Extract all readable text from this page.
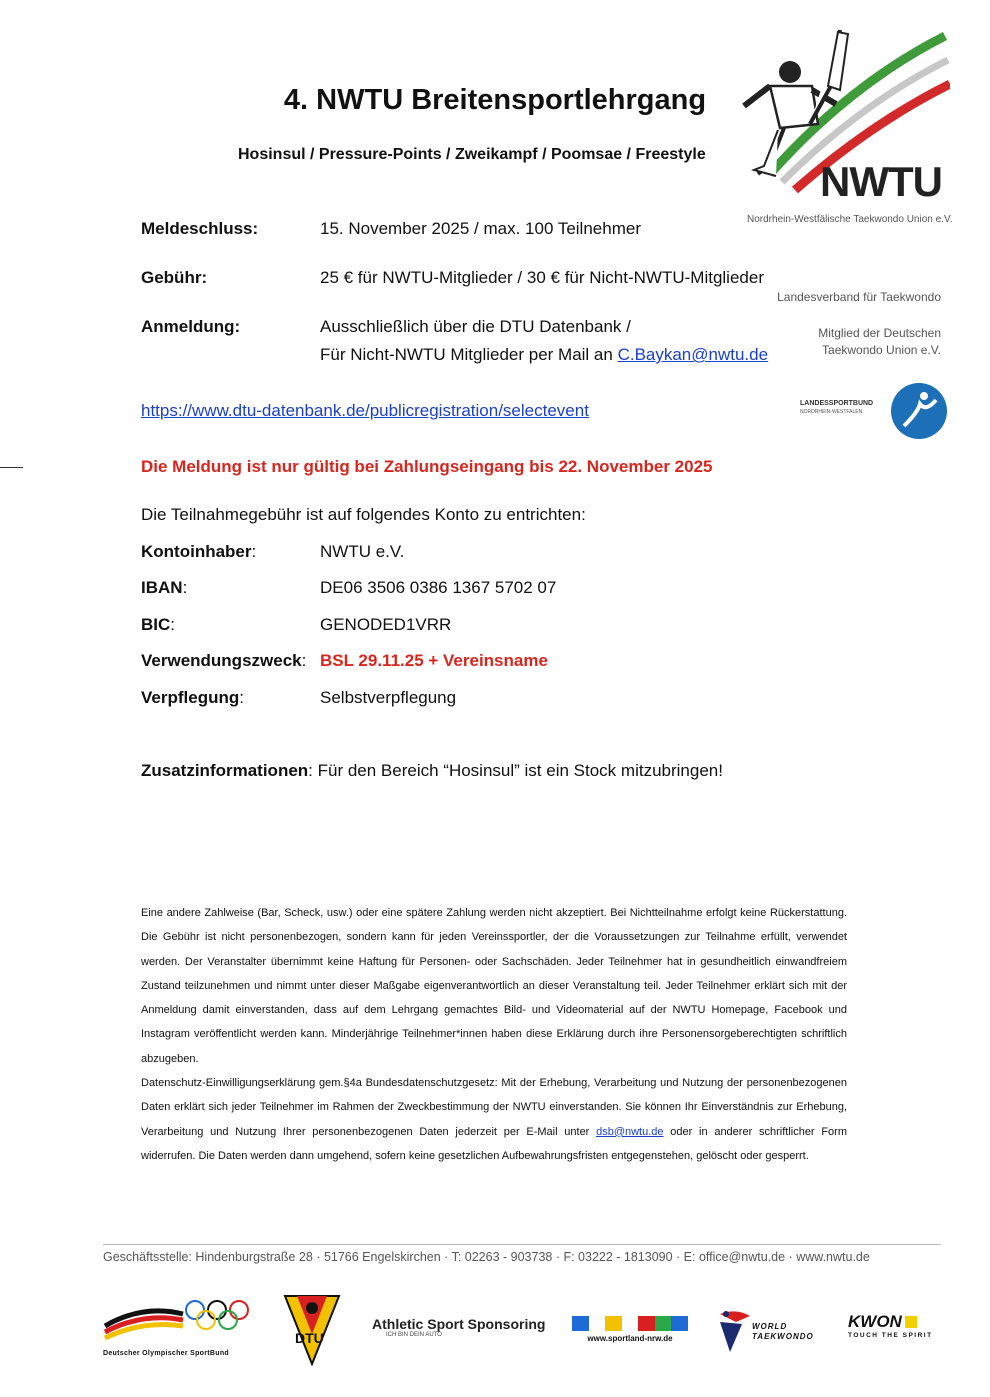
4. NWTU Breitensportlehrgang
Hosinsul / Pressure-Points / Zweikampf / Poomsae / Freestyle
NWTU
Nordrhein-Westfälische Taekwondo Union e.V.
Landesverband für Taekwondo
Mitglied der Deutschen
Taekwondo Union e.V.
LANDESSPORTBUND
NORDRHEIN-WESTFALEN
Meldeschluss:	15. November 2025 / max. 100 Teilnehmer
Gebühr:	25 € für NWTU-Mitglieder / 30 € für Nicht-NWTU-Mitglieder
Anmeldung:	Ausschließlich über die DTU Datenbank /
Für Nicht-NWTU Mitglieder per Mail an C.Baykan@nwtu.de
https://www.dtu-datenbank.de/publicregistration/selectevent
Die Meldung ist nur gültig bei Zahlungseingang bis 22. November 2025
Die Teilnahmegebühr ist auf folgendes Konto zu entrichten:
Kontoinhaber:	NWTU e.V.
IBAN:	DE06 3506 0386 1367 5702 07
BIC:	GENODED1VRR
Verwendungszweck: BSL 29.11.25 + Vereinsname
Verpflegung:	Selbstverpflegung
Zusatzinformationen: Für den Bereich “Hosinsul” ist ein Stock mitzubringen!

Eine andere Zahlweise (Bar, Scheck, usw.) oder eine spätere Zahlung werden nicht akzeptiert. Bei Nichtteilnahme erfolgt keine Rückerstattung. Die Gebühr ist nicht personenbezogen, sondern kann für jeden Vereinssportler, der die Voraussetzungen zur Teilnahme erfüllt, verwendet werden. Der Veranstalter übernimmt keine Haftung für Personen- oder Sachschäden. Jeder Teilnehmer hat in gesundheitlich einwandfreiem Zustand teilzunehmen und nimmt unter dieser Maßgabe eigenverantwortlich an dieser Veranstaltung teil. Jeder Teilnehmer erklärt sich mit der Anmeldung damit einverstanden, dass auf dem Lehrgang gemachtes Bild- und Videomaterial auf der NWTU Homepage, Facebook und Instagram veröffentlicht werden kann. Minderjährige Teilnehmer*innen haben diese Erklärung durch ihre Personensorgeberechtigten schriftlich abzugeben.

Datenschutz-Einwilligungserklärung gem.§4a Bundesdatenschutzgesetz: Mit der Erhebung, Verarbeitung und Nutzung der personenbezogenen Daten erklärt sich jeder Teilnehmer im Rahmen der Zweckbestimmung der NWTU einverstanden. Sie können Ihr Einverständnis zur Erhebung, Verarbeitung und Nutzung Ihrer personenbezogenen Daten jederzeit per E-Mail unter dsb@nwtu.de oder in anderer schriftlicher Form widerrufen. Die Daten werden dann umgehend, sofern keine gesetzlichen Aufbewahrungsfristen entgegenstehen, gelöscht oder gesperrt.

Geschäftsstelle: Hindenburgstraße 28 · 51766 Engelskirchen · T: 02263 - 903738 · F: 03222 - 1813090 · E: office@nwtu.de · www.nwtu.de
Deutscher Olympischer SportBund
DTU
Athletic Sport Sponsoring
ICH BIN DEIN AUTO	www.sportland-nrw.de
WORLD
TAEKWONDO
KWON
TOUCH THE SPIRIT
